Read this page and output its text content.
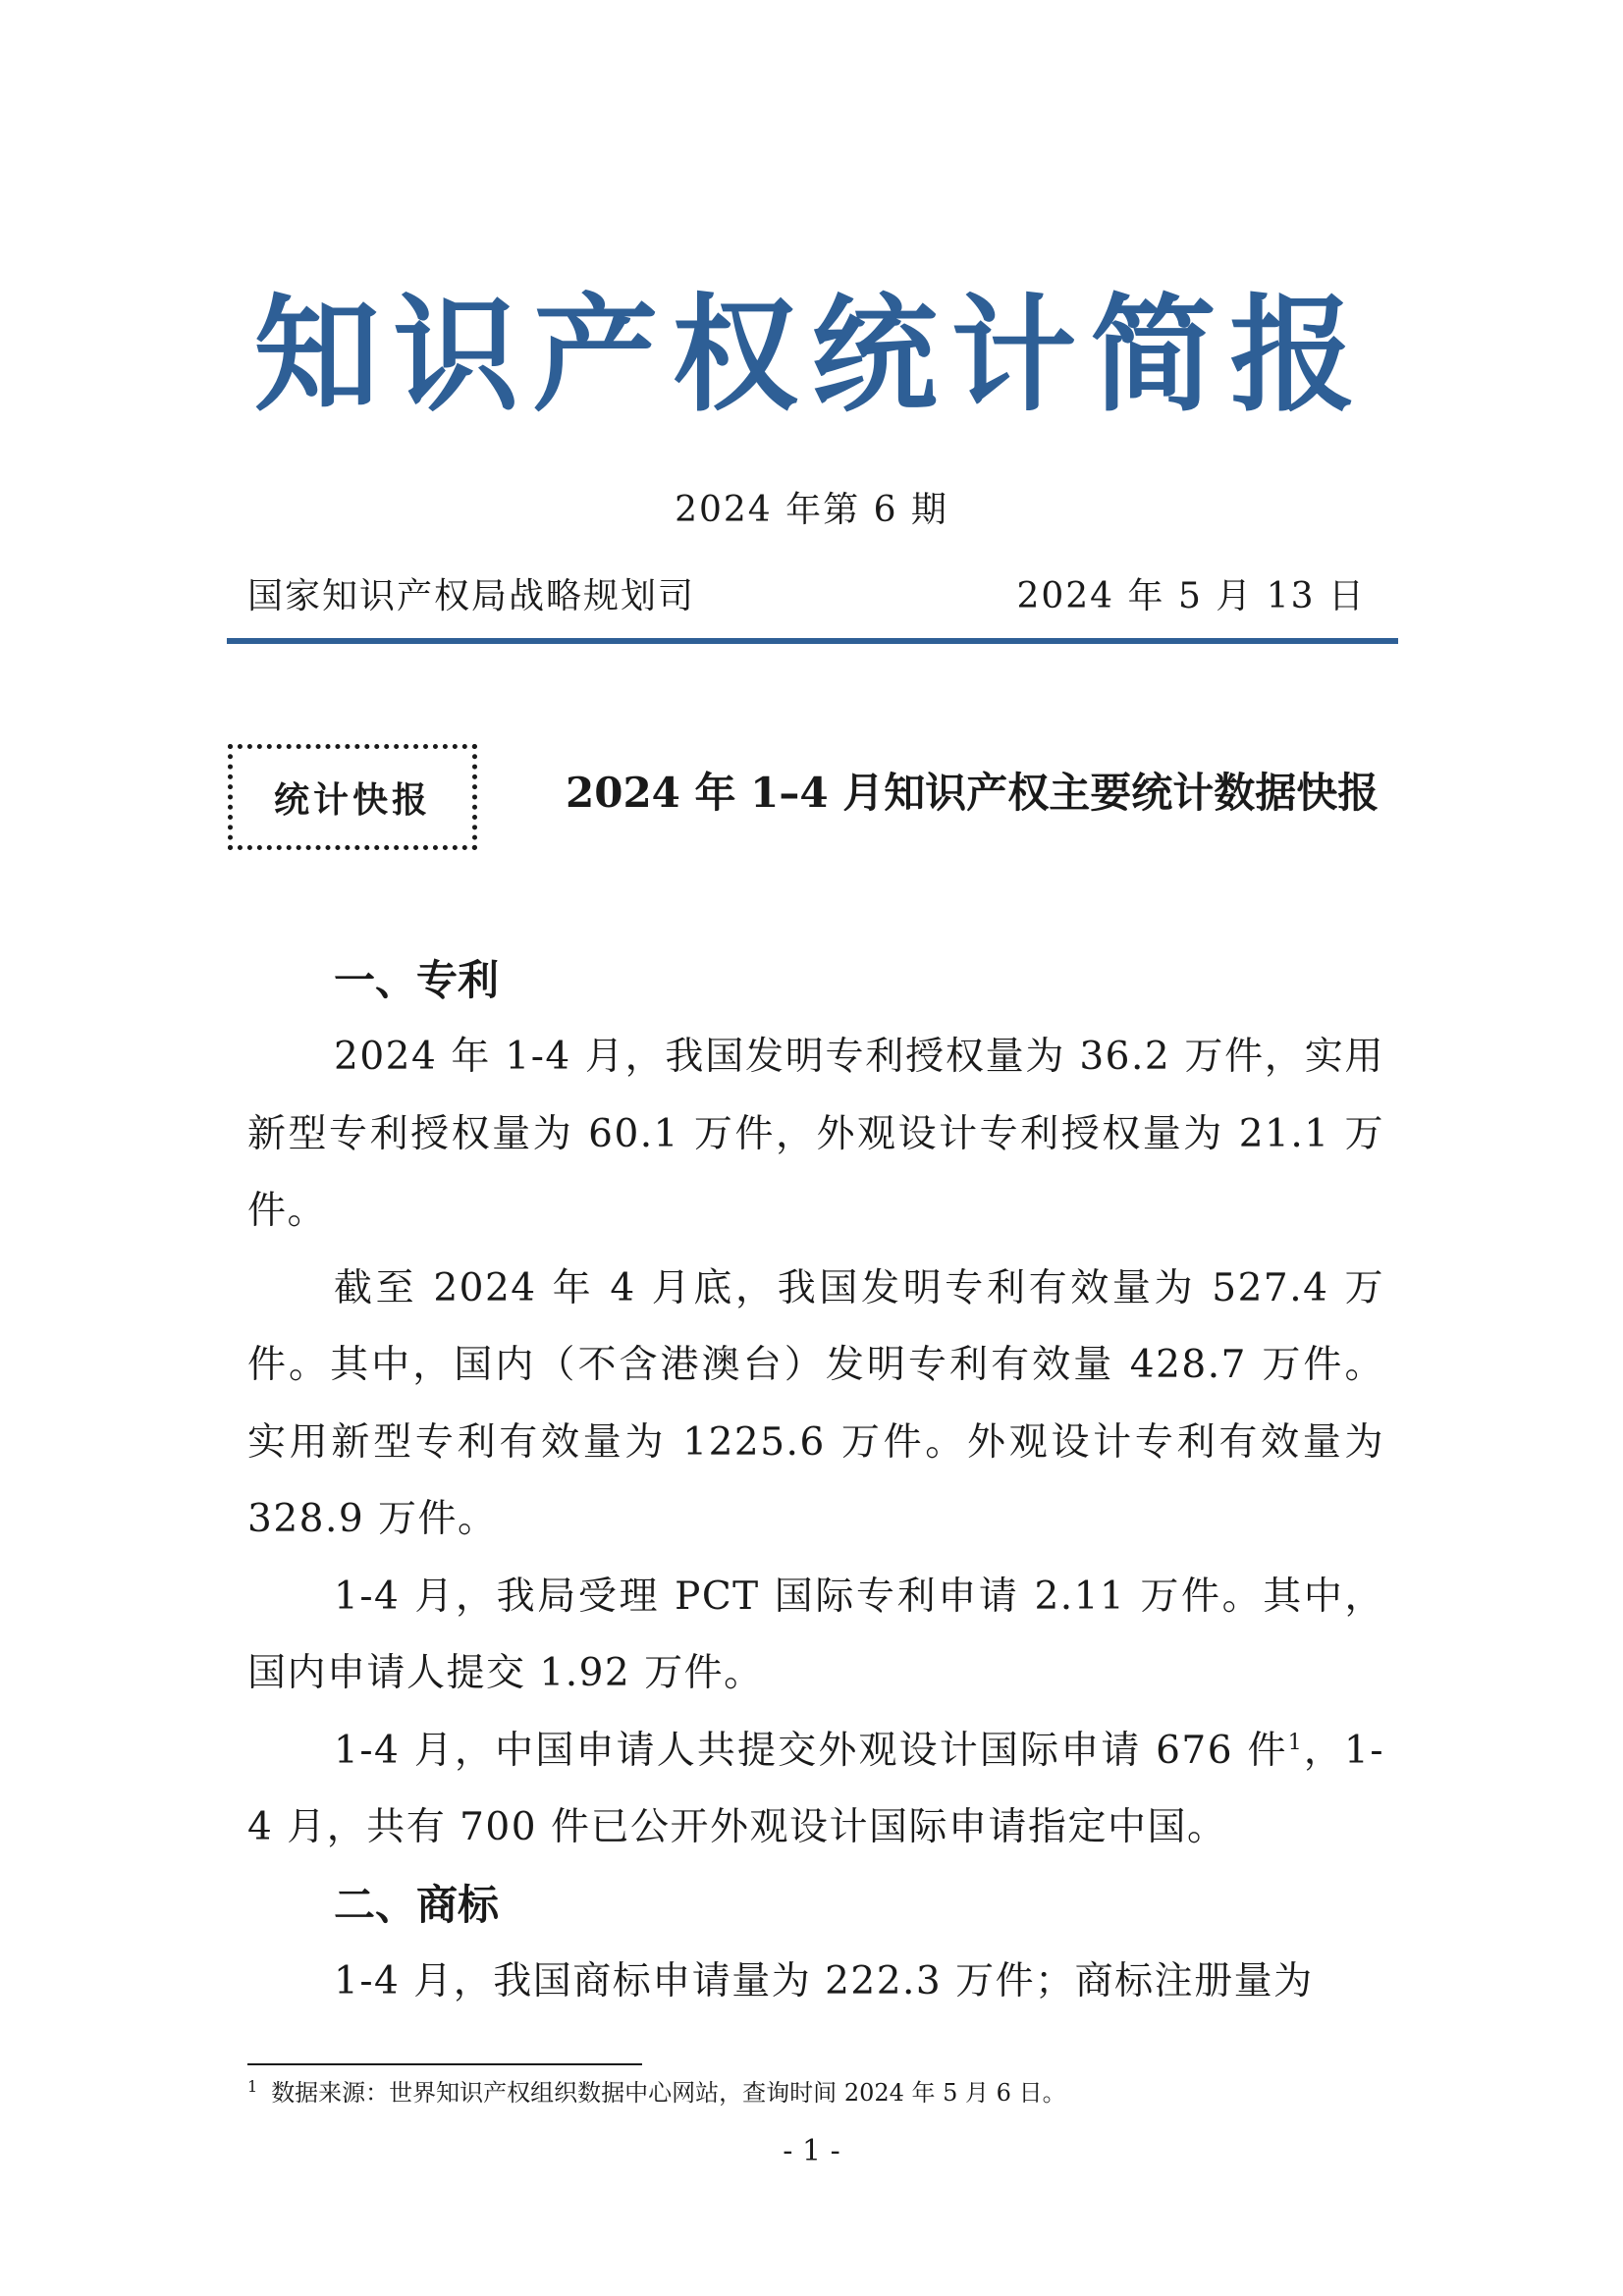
知识产权统计简报
2024 年第 6 期
国家知识产权局战略规划司	2024 年 5 月 13 日
统计快报	2024 年 1–4 月知识产权主要统计数据快报
一、专利

2024 年 1-4 月，我国发明专利授权量为 36.2 万件，实用新型专利授权量为 60.1 万件，外观设计专利授权量为 21.1 万件。

截至 2024 年 4 月底，我国发明专利有效量为 527.4 万件。其中，国内（不含港澳台）发明专利有效量 428.7 万件。实用新型专利有效量为 1225.6 万件。外观设计专利有效量为 328.9 万件。

1-4 月，我局受理 PCT 国际专利申请 2.11 万件。其中，国内申请人提交 1.92 万件。

1-4 月，中国申请人共提交外观设计国际申请 676 件$^1$，1-4 月，共有 700 件已公开外观设计国际申请指定中国。

二、商标

1-4 月，我国商标申请量为 222.3 万件；商标注册量为

$^1$ 数据来源：世界知识产权组织数据中心网站，查询时间 2024 年 5 月 6 日。
- 1 -
